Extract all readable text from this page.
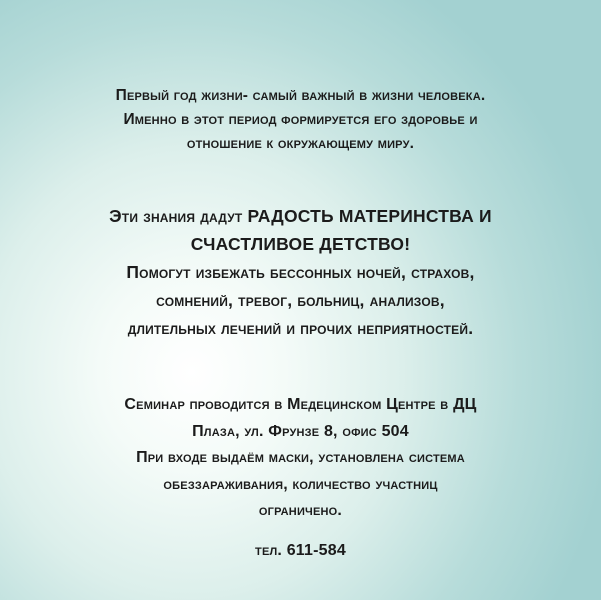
Первый год жизни- самый важный в жизни человека.
Именно в этот период формируется его здоровье и
отношение к окружающему миру.
Эти знания дадут РАДОСТЬ МАТЕРИНСТВА И
СЧАСТЛИВОЕ ДЕТСТВО!
Помогут избежать бессонных ночей, страхов,
сомнений, тревог, больниц, анализов,
длительных лечений и прочих неприятностей.
Семинар проводится в Медецинском Центре в ДЦ
Плаза, ул. Фрунзе 8, офис 504
При входе выдаём маски, установлена система
обеззараживания, количество участниц
ограничено.
тел. 611-584
